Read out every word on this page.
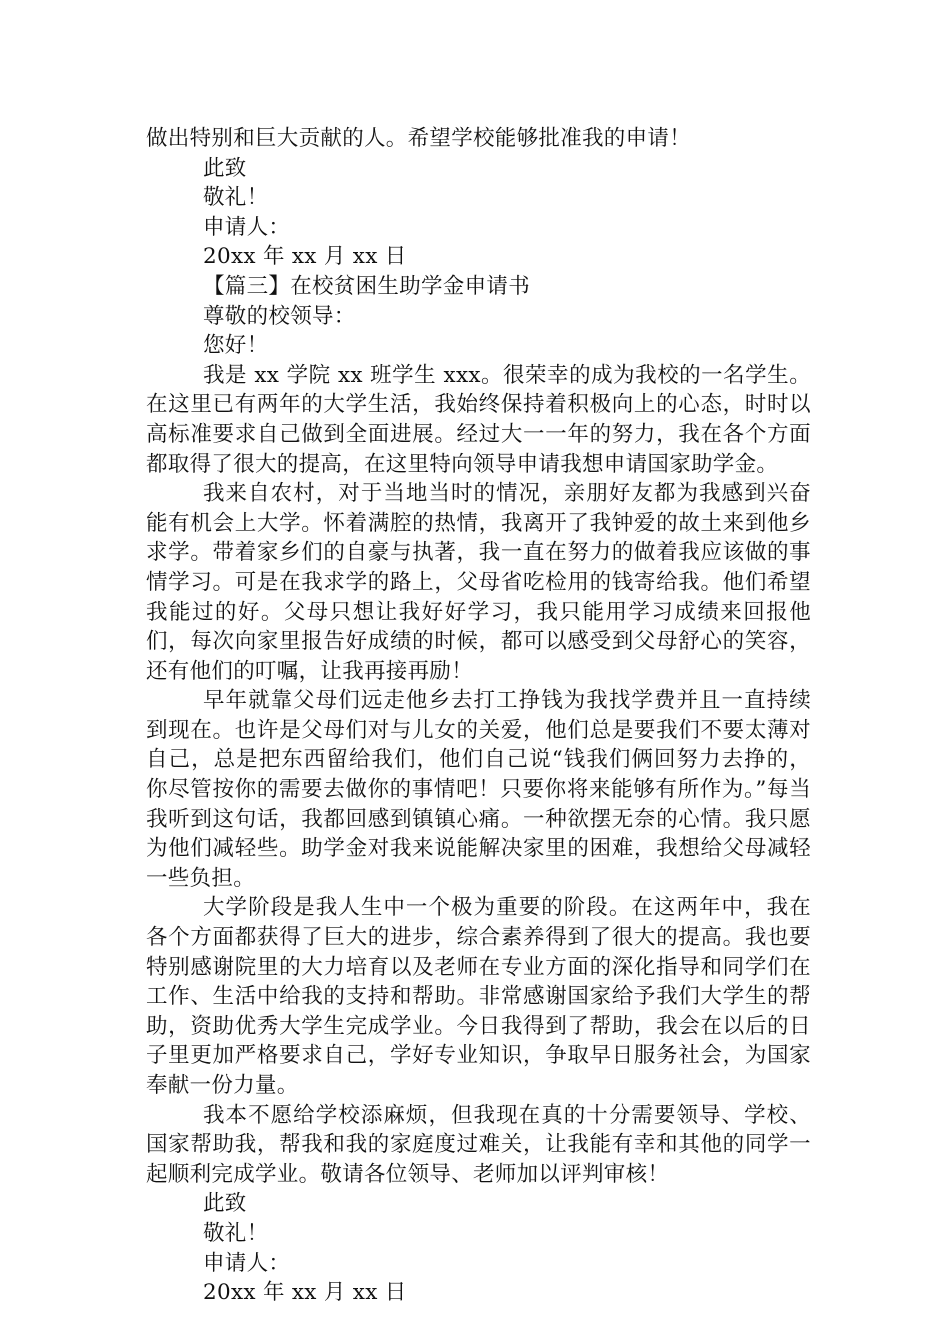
做出特别和巨大贡献的人。希望学校能够批准我的申请！

此致

敬礼！

申请人：

20xx 年 xx 月 xx 日

【篇三】在校贫困生助学金申请书

尊敬的校领导：

您好！

我是 xx 学院 xx 班学生 xxx。很荣幸的成为我校的一名学生。在这里已有两年的大学生活，我始终保持着积极向上的心态，时时以高标准要求自己做到全面进展。经过大一一年的努力，我在各个方面都取得了很大的提高，在这里特向领导申请我想申请国家助学金。

我来自农村，对于当地当时的情况，亲朋好友都为我感到兴奋能有机会上大学。怀着满腔的热情，我离开了我钟爱的故土来到他乡求学。带着家乡们的自豪与执著，我一直在努力的做着我应该做的事情学习。可是在我求学的路上，父母省吃检用的钱寄给我。他们希望我能过的好。父母只想让我好好学习，我只能用学习成绩来回报他们，每次向家里报告好成绩的时候，都可以感受到父母舒心的笑容，还有他们的叮嘱，让我再接再励！

早年就靠父母们远走他乡去打工挣钱为我找学费并且一直持续到现在。也许是父母们对与儿女的关爱，他们总是要我们不要太薄对自己，总是把东西留给我们，他们自己说“钱我们俩回努力去挣的，你尽管按你的需要去做你的事情吧！只要你将来能够有所作为。”每当我听到这句话，我都回感到镇镇心痛。一种欲摆无奈的心情。我只愿为他们减轻些。助学金对我来说能解决家里的困难，我想给父母减轻一些负担。

大学阶段是我人生中一个极为重要的阶段。在这两年中，我在各个方面都获得了巨大的进步，综合素养得到了很大的提高。我也要特别感谢院里的大力培育以及老师在专业方面的深化指导和同学们在工作、生活中给我的支持和帮助。非常感谢国家给予我们大学生的帮助，资助优秀大学生完成学业。今日我得到了帮助，我会在以后的日子里更加严格要求自己，学好专业知识，争取早日服务社会，为国家奉献一份力量。

我本不愿给学校添麻烦，但我现在真的十分需要领导、学校、国家帮助我，帮我和我的家庭度过难关，让我能有幸和其他的同学一起顺利完成学业。敬请各位领导、老师加以评判审核！

此致

敬礼！

申请人：

20xx 年 xx 月 xx 日
